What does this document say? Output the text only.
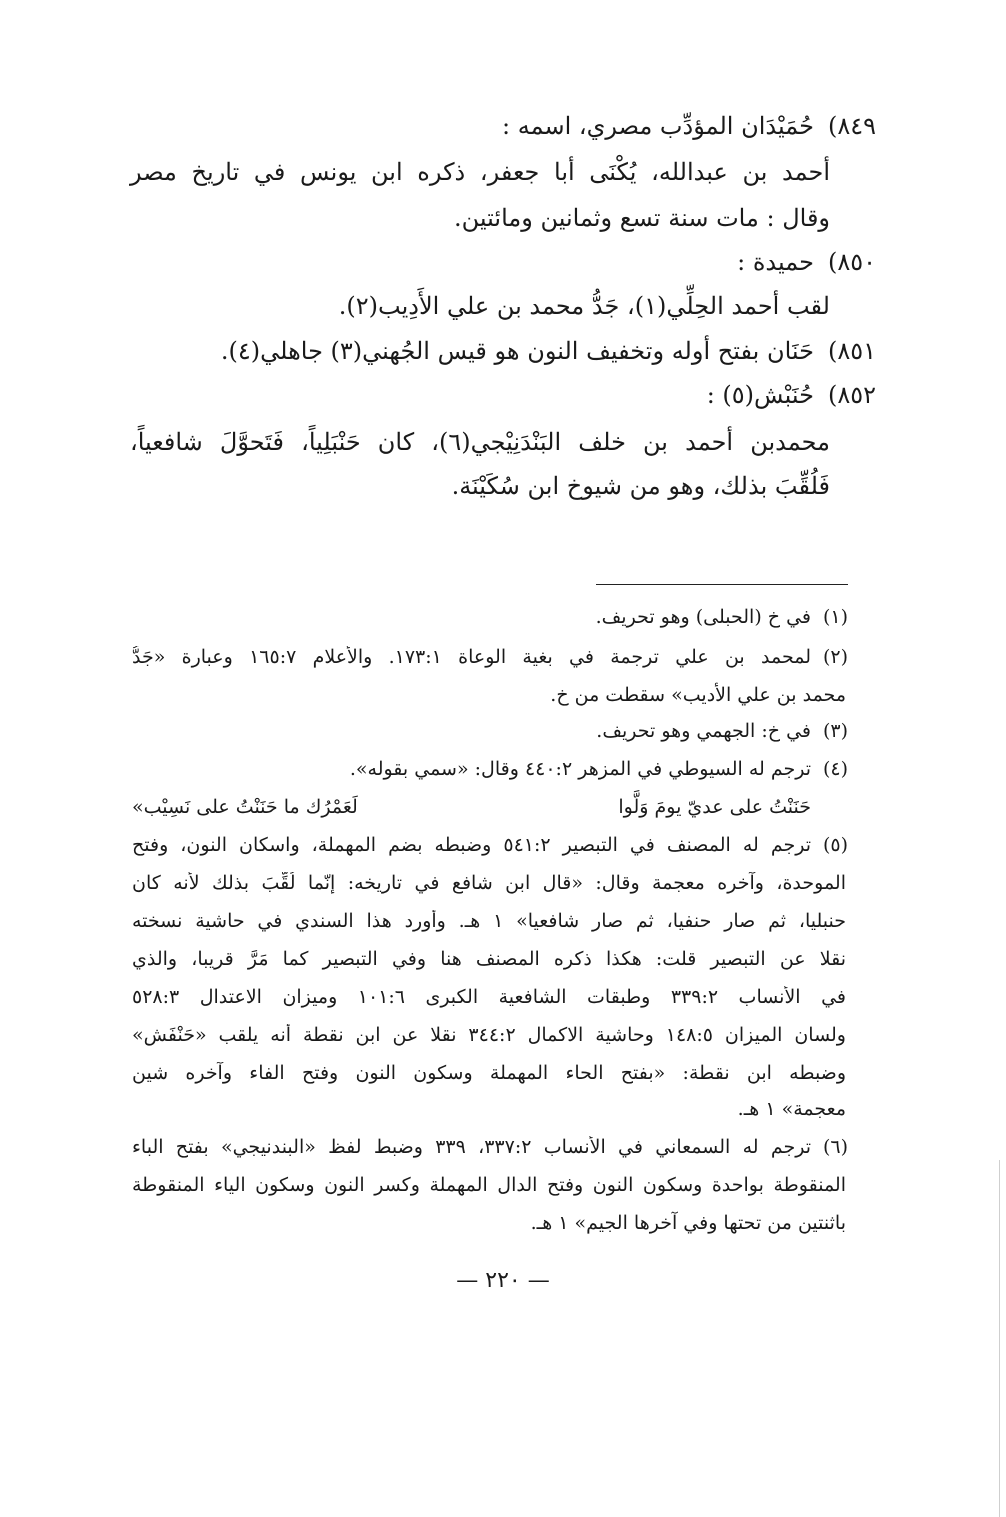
٨٤٩)حُمَيْدَان المؤدِّب مصري، اسمه :
أحمد بن عبدالله، يُكْنَى أبا جعفر، ذكره ابن يونس في تاريخ مصر
وقال : مات سنة تسع وثمانين ومائتين.
٨٥٠)حميدة :
لقب أحمد الحِلِّي(١)، جَدُّ محمد بن علي الأَدِيب(٢).
٨٥١)حَنَان بفتح أوله وتخفيف النون هو قيس الجُهني(٣) جاهلي(٤).
٨٥٢)حُنَبْش(٥) :
محمدبن أحمد بن خلف البَنْدَنِيْجي(٦)، كان حَنْبَلِياً، فَتَحوَّلَ شافعياً،
فَلُقِّبَ بذلك، وهو من شيوخ ابن سُكَيْنَة.
(١)
في خ (الحبلى) وهو تحريف.
(٢)
لمحمد بن علي ترجمة في بغية الوعاة ١٧٣:١. والأعلام ١٦٥:٧ وعبارة «جَدُّ
محمد بن علي الأديب» سقطت من خ.
(٣)
في خ: الجهمي وهو تحريف.
(٤)
ترجم له السيوطي في المزهر ٤٤٠:٢ وقال: «سمي بقوله».
حَنَنْتُ على عديّ يومَ وَلَّوا
لَعَمْرُك ما حَنَنْتُ على نَسِيْب»
(٥)
ترجم له المصنف في التبصير ٥٤١:٢ وضبطه بضم المهملة، واسكان النون، وفتح
الموحدة، وآخره معجمة وقال: «قال ابن شافع في تاريخه: إنّما لُقِّبَ بذلك لأنه كان
حنبليا، ثم صار حنفيا، ثم صار شافعيا» ١ هـ. وأورد هذا السندي في حاشية نسخته
نقلا عن التبصير قلت: هكذا ذكره المصنف هنا وفي التبصير كما مَرَّ قريبا، والذي
في الأنساب ٣٣٩:٢ وطبقات الشافعية الكبرى ١٠١:٦ وميزان الاعتدال ٥٢٨:٣
ولسان الميزان ١٤٨:٥ وحاشية الاكمال ٣٤٤:٢ نقلا عن ابن نقطة أنه يلقب «حَنْفَش»
وضبطه ابن نقطة: «بفتح الحاء المهملة وسكون النون وفتح الفاء وآخره شين
معجمة» ١ هـ.
(٦)
ترجم له السمعاني في الأنساب ٣٣٧:٢، ٣٣٩ وضبط لفظ «البندنيجي» بفتح الباء
المنقوطة بواحدة وسكون النون وفتح الدال المهملة وكسر النون وسكون الياء المنقوطة
باثنتين من تحتها وفي آخرها الجيم» ١ هـ.
— ٢٢٠ —
